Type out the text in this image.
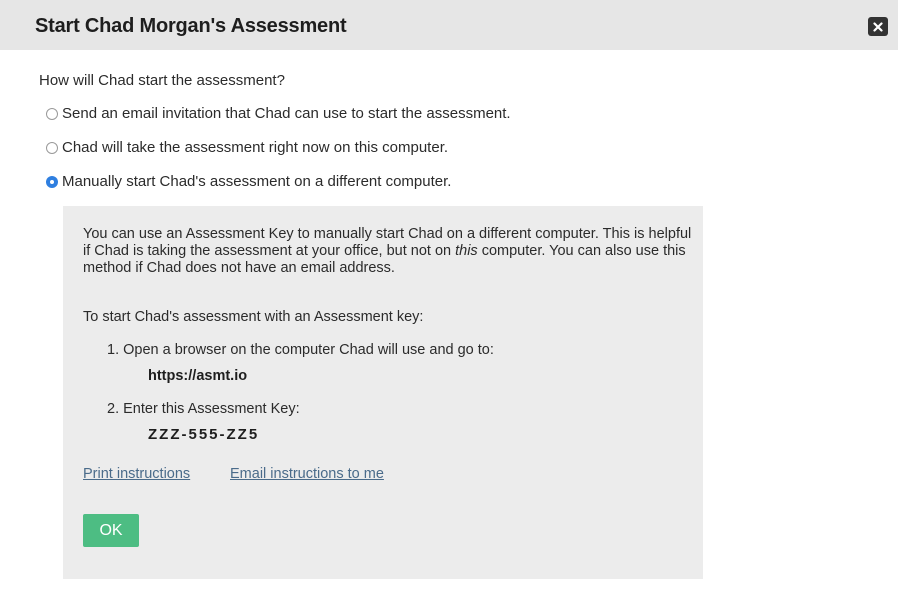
Start Chad Morgan's Assessment
How will Chad start the assessment?
Send an email invitation that Chad can use to start the assessment.
Chad will take the assessment right now on this computer.
Manually start Chad's assessment on a different computer.
You can use an Assessment Key to manually start Chad on a different computer. This is helpful if Chad is taking the assessment at your office, but not on this computer. You can also use this method if Chad does not have an email address.
To start Chad's assessment with an Assessment key:
1. Open a browser on the computer Chad will use and go to:
https://asmt.io
2. Enter this Assessment Key:
ZZZ-555-ZZ5
Print instructions	Email instructions to me
OK
